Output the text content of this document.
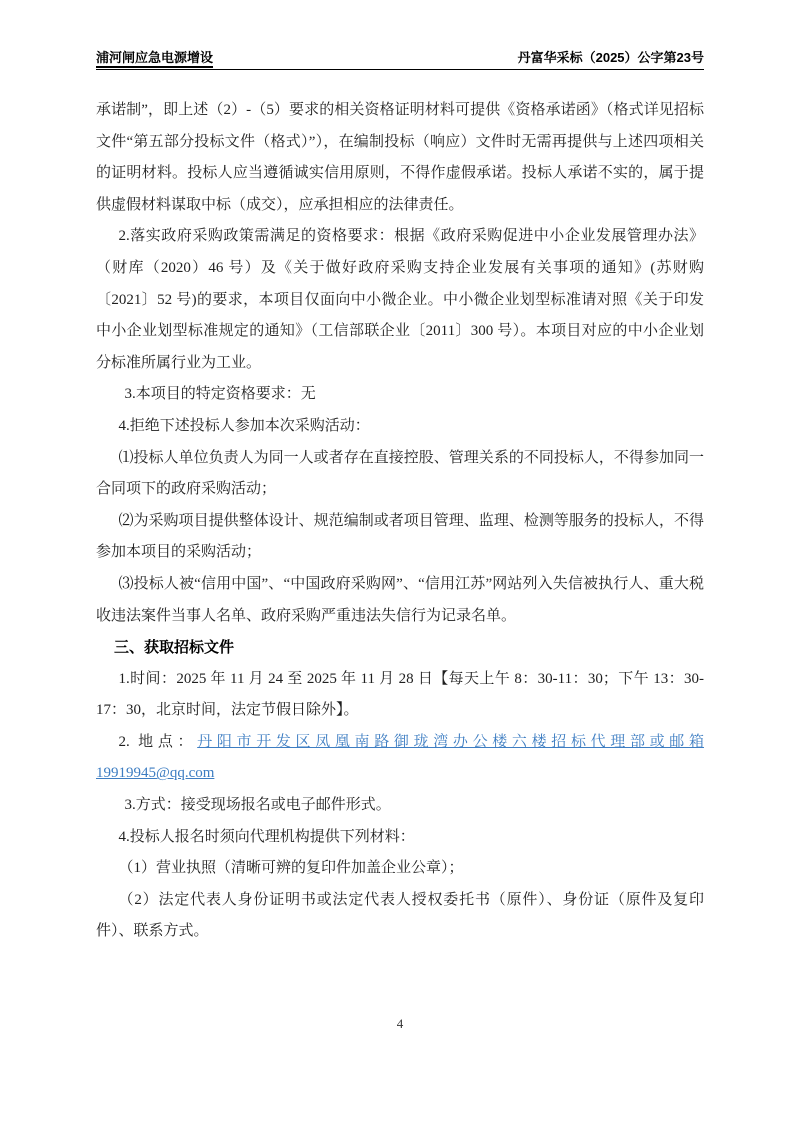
浦河闸应急电源增设	丹富华采标（2025）公字第23号

承诺制”，即上述（2）-（5）要求的相关资格证明材料可提供《资格承诺函》（格式详见招标文件“第五部分投标文件（格式）”），在编制投标（响应）文件时无需再提供与上述四项相关的证明材料。投标人应当遵循诚实信用原则，不得作虚假承诺。投标人承诺不实的，属于提供虚假材料谋取中标（成交），应承担相应的法律责任。

2.落实政府采购政策需满足的资格要求：根据《政府采购促进中小企业发展管理办法》（财库（2020）46 号）及《关于做好政府采购支持企业发展有关事项的通知》(苏财购〔2021〕52 号)的要求，本项目仅面向中小微企业。中小微企业划型标准请对照《关于印发中小企业划型标准规定的通知》（工信部联企业〔2011〕300 号）。本项目对应的中小企业划分标准所属行业为工业。

3.本项目的特定资格要求：无

4.拒绝下述投标人参加本次采购活动：

⑴投标人单位负责人为同一人或者存在直接控股、管理关系的不同投标人，不得参加同一合同项下的政府采购活动；

⑵为采购项目提供整体设计、规范编制或者项目管理、监理、检测等服务的投标人，不得参加本项目的采购活动；

⑶投标人被“信用中国”、“中国政府采购网”、“信用江苏”网站列入失信被执行人、重大税收违法案件当事人名单、政府采购严重违法失信行为记录名单。

三、获取招标文件

1.时间：2025 年 11 月 24 至 2025 年 11 月 28 日【每天上午 8：30-11：30；下午 13：30-17：30，北京时间，法定节假日除外】。

2. 地点：丹阳市开发区凤凰南路御珑湾办公楼六楼招标代理部或邮箱

19919945@qq.com

3.方式：接受现场报名或电子邮件形式。

4.投标人报名时须向代理机构提供下列材料：

（1）营业执照（清晰可辨的复印件加盖企业公章）；

（2）法定代表人身份证明书或法定代表人授权委托书（原件）、身份证（原件及复印件）、联系方式。

4
